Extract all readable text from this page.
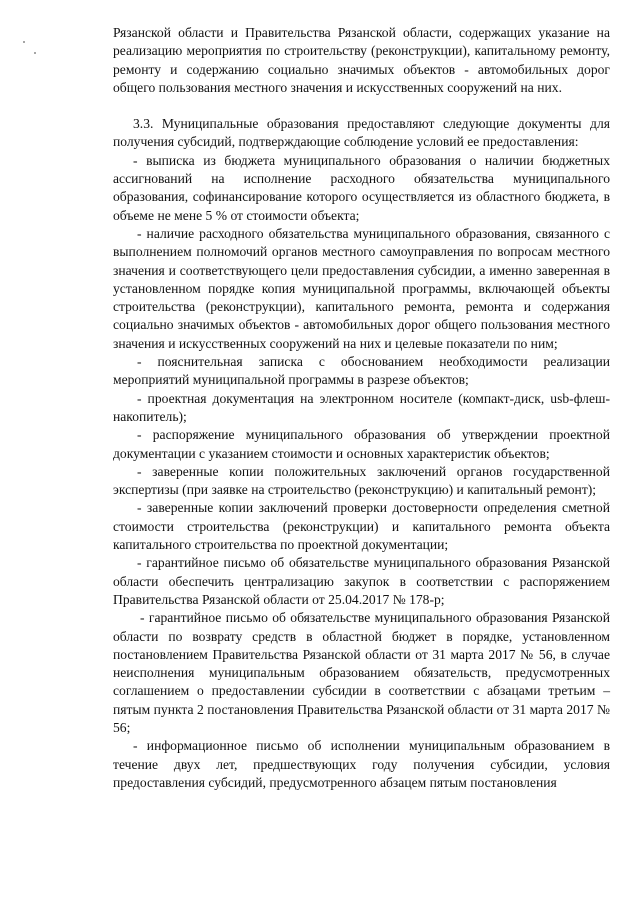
Рязанской области и Правительства Рязанской области, содержащих указание на реализацию мероприятия по строительству (реконструкции), капитальному ремонту, ремонту и содержанию социально значимых объектов - автомобильных дорог общего пользования местного значения и искусственных сооружений на них.

3.3. Муниципальные образования предоставляют следующие документы для получения субсидий, подтверждающие соблюдение условий ее предоставления:

- выписка из бюджета муниципального образования о наличии бюджетных ассигнований на исполнение расходного обязательства муниципального образования, софинансирование которого осуществляется из областного бюджета, в объеме не мене 5 % от стоимости объекта;

- наличие расходного обязательства муниципального образования, связанного с выполнением полномочий органов местного самоуправления по вопросам местного значения и соответствующего цели предоставления субсидии, а именно заверенная в установленном порядке копия муниципальной программы, включающей объекты строительства (реконструкции), капитального ремонта, ремонта и содержания социально значимых объектов - автомобильных дорог общего пользования местного значения и искусственных сооружений на них и целевые показатели по ним;

- пояснительная записка с обоснованием необходимости реализации мероприятий муниципальной программы в разрезе объектов;

- проектная документация на электронном носителе (компакт-диск, usb-флеш-накопитель);

- распоряжение муниципального образования об утверждении проектной документации с указанием стоимости и основных характеристик объектов;

- заверенные копии положительных заключений органов государственной экспертизы (при заявке на строительство (реконструкцию) и капитальный ремонт);

- заверенные копии заключений проверки достоверности определения сметной стоимости строительства (реконструкции) и капитального ремонта объекта капитального строительства по проектной документации;

- гарантийное письмо об обязательстве муниципального образования Рязанской области обеспечить централизацию закупок в соответствии с распоряжением Правительства Рязанской области от 25.04.2017 № 178-р;

- гарантийное письмо об обязательстве муниципального образования Рязанской области по возврату средств в областной бюджет в порядке, установленном постановлением Правительства Рязанской области от 31 марта 2017 № 56, в случае неисполнения муниципальным образованием обязательств, предусмотренных соглашением о предоставлении субсидии в соответствии с абзацами третьим – пятым пункта 2 постановления Правительства Рязанской области от 31 марта 2017 № 56;

- информационное письмо об исполнении муниципальным образованием в течение двух лет, предшествующих году получения субсидии, условия предоставления субсидий, предусмотренного абзацем пятым постановления
